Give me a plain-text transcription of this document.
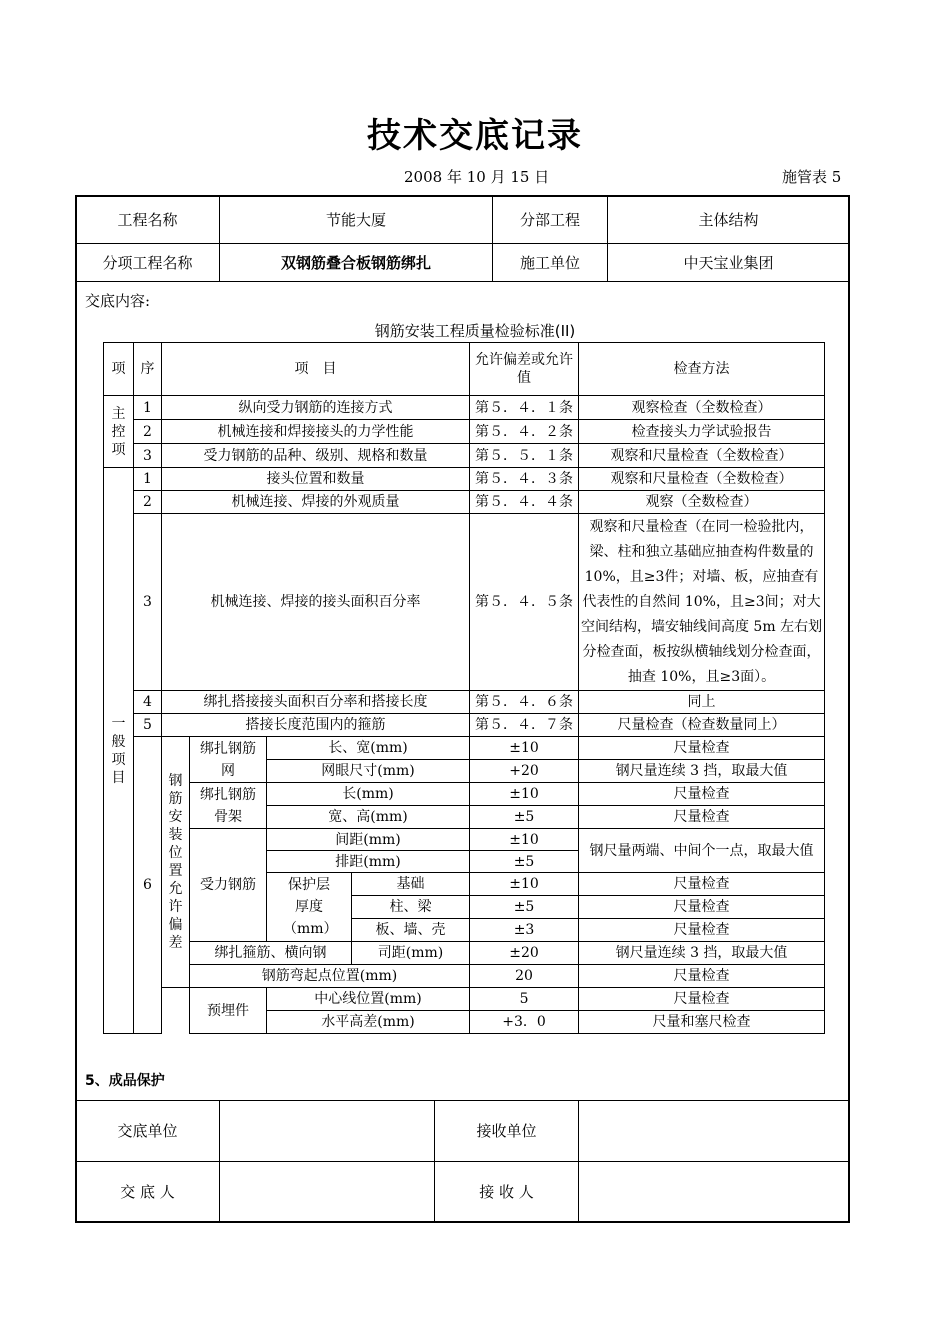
技术交底记录
2008 年 10 月 15 日	施管表 5
工程名称	节能大厦	分部工程	主体结构
分项工程名称	双钢筋叠合板钢筋绑扎	施工单位	中天宝业集团
交底内容:
钢筋安装工程质量检验标准(II)
项	序	项　目				允许偏差或允许值	检查方法

主控项	1	纵向受力钢筋的连接方式				第５．４．１条	观察检查（全数检查）
	2	机械连接和焊接接头的力学性能				第５．４．２条	检查接头力学试验报告
	3	受力钢筋的品种、级别、规格和数量				第５．５．１条	观察和尺量检查（全数检查）

一般项目	1	接头位置和数量				第５．４．３条	观察和尺量检查（全数检查）
	2	机械连接、焊接的外观质量				第５．４．４条	观察（全数检查）
	3	机械连接、焊接的接头面积百分率				第５．４．５条	观察和尺量检查（在同一检验批内，梁、柱和独立基础应抽查构件数量的10%，且≥3件；对墙、板，应抽查有代表性的自然间 10%，且≥3间；对大空间结构，墙安轴线间高度 5m 左右划分检查面，板按纵横轴线划分检查面，抽查 10%，且≥3面）。
	4	绑扎搭接接头面积百分率和搭接长度				第５．４．６条	同上
	5	搭接长度范围内的箍筋				第５．４．７条	尺量检查（检查数量同上）
	6	钢筋安装位置允许偏差	绑扎钢筋网	长、宽(mm)		±10	尺量检查
				网眼尺寸(mm)		+20	钢尺量连续 3 挡，取最大值

			绑扎钢筋骨架	长(mm)		±10	尺量检查
				宽、高(mm)		±5	尺量检查

			受力钢筋	间距(mm)		±10	钢尺量两端、中间个一点，取最大值
				排距(mm)		±5	

				保护层厚度（mm）	基础	±10	尺量检查
					柱、梁	±5	尺量检查
					板、墙、壳	±3	尺量检查
			绑扎箍筋、横向钢		司距(mm)	±20	钢尺量连续 3 挡，取最大值
			钢筋弯起点位置(mm)			20	尺量检查
			预埋件	中心线位置(mm)		5	尺量检查
				水平高差(mm)		+3．0	尺量和塞尺检查
5、成品保护
交底单位	接收单位
交 底 人	接 收 人
